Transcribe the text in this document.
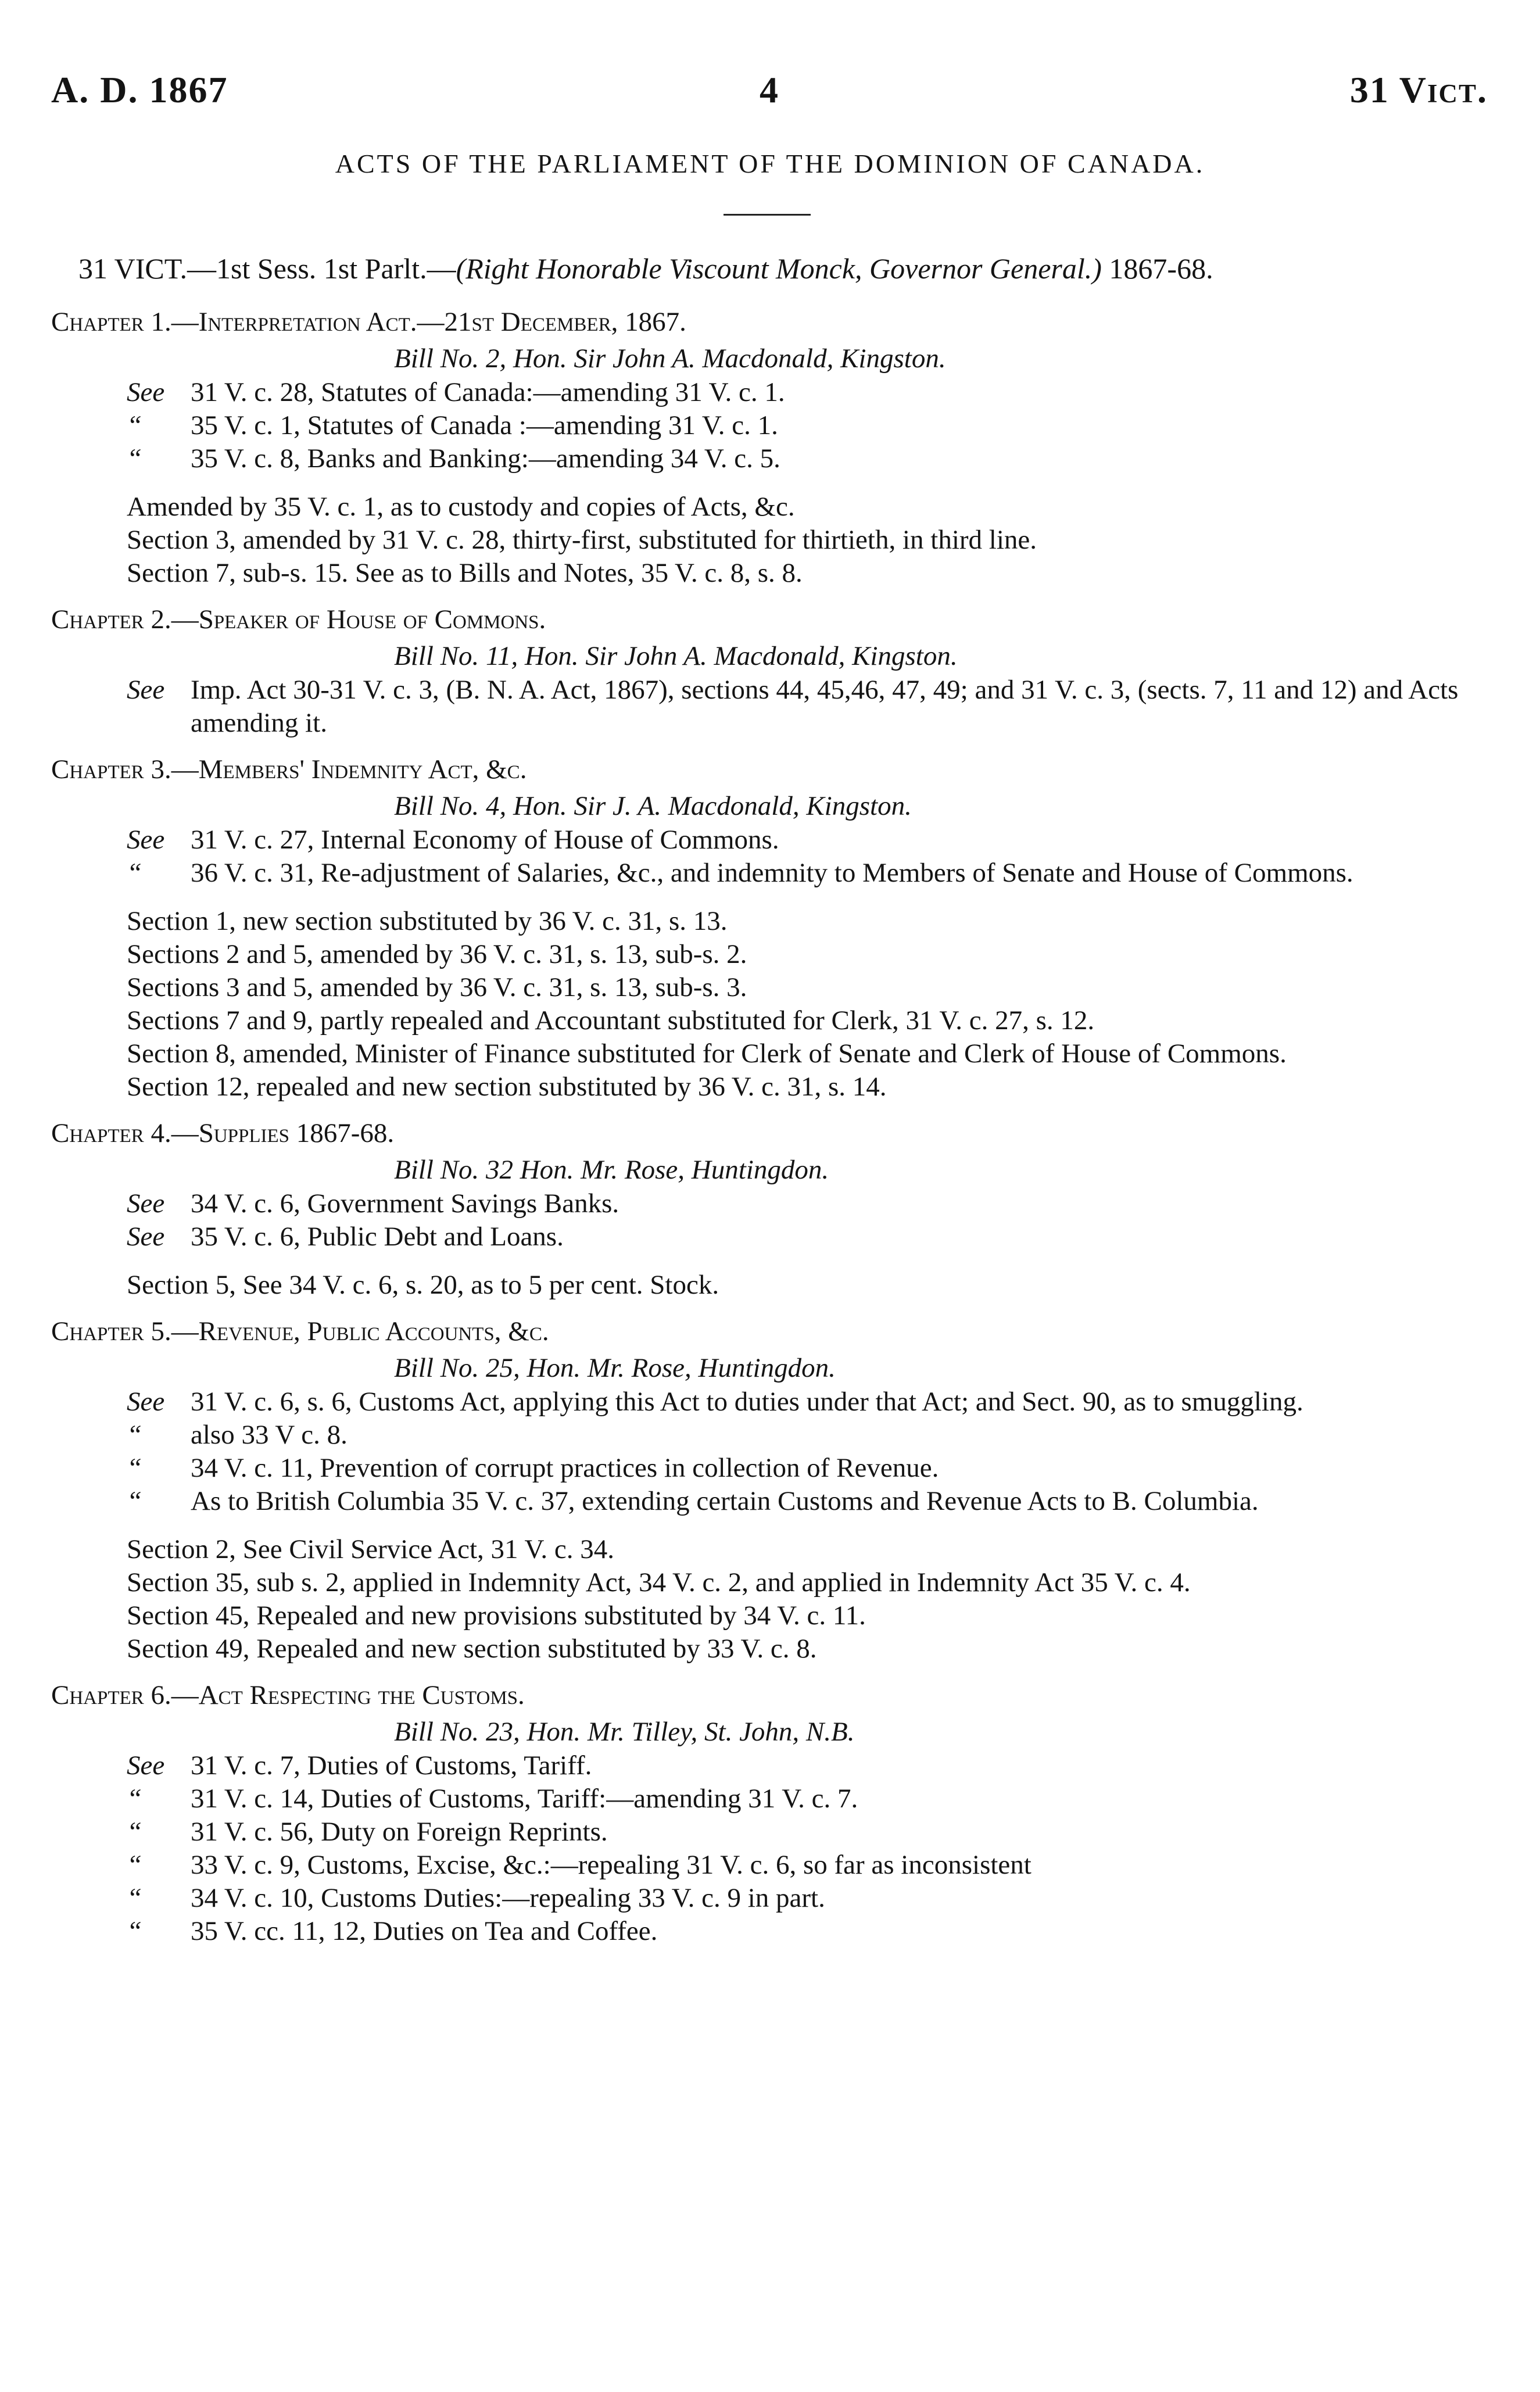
A. D. 1867	4	31 Vict.
ACTS OF THE PARLIAMENT OF THE DOMINION OF CANADA.
31 VICT.—1st Sess. 1st Parlt.—(Right Honorable Viscount Monck, Governor General.) 1867-68.
Chapter 1.—Interpretation Act.—21st December, 1867.
Bill No. 2, Hon. Sir John A. Macdonald, Kingston.
See 31 V. c. 28, Statutes of Canada:—amending 31 V. c. 1.
“ 35 V. c. 1, Statutes of Canada :—amending 31 V. c. 1.
“ 35 V. c. 8, Banks and Banking:—amending 34 V. c. 5.
Amended by 35 V. c. 1, as to custody and copies of Acts, &c.
Section 3, amended by 31 V. c. 28, thirty-first, substituted for thirtieth, in third line.
Section 7, sub-s. 15. See as to Bills and Notes, 35 V. c. 8, s. 8.
Chapter 2.—Speaker of House of Commons.
Bill No. 11, Hon. Sir John A. Macdonald, Kingston.
See Imp. Act 30-31 V. c. 3, (B. N. A. Act, 1867), sections 44, 45,46, 47, 49; and 31 V. c. 3, (sects. 7, 11 and 12) and Acts amending it.
Chapter 3.—Members' Indemnity Act, &c.
Bill No. 4, Hon. Sir J. A. Macdonald, Kingston.
See 31 V. c. 27, Internal Economy of House of Commons.
“ 36 V. c. 31, Re-adjustment of Salaries, &c., and indemnity to Members of Senate and House of Commons.
Section 1, new section substituted by 36 V. c. 31, s. 13.
Sections 2 and 5, amended by 36 V. c. 31, s. 13, sub-s. 2.
Sections 3 and 5, amended by 36 V. c. 31, s. 13, sub-s. 3.
Sections 7 and 9, partly repealed and Accountant substituted for Clerk, 31 V. c. 27, s. 12.
Section 8, amended, Minister of Finance substituted for Clerk of Senate and Clerk of House of Commons.
Section 12, repealed and new section substituted by 36 V. c. 31, s. 14.
Chapter 4.—Supplies 1867-68.
Bill No. 32 Hon. Mr. Rose, Huntingdon.
See 34 V. c. 6, Government Savings Banks.
See 35 V. c. 6, Public Debt and Loans.
Section 5, See 34 V. c. 6, s. 20, as to 5 per cent. Stock.
Chapter 5.—Revenue, Public Accounts, &c.
Bill No. 25, Hon. Mr. Rose, Huntingdon.
See 31 V. c. 6, s. 6, Customs Act, applying this Act to duties under that Act; and Sect. 90, as to smuggling.
“ also 33 V c. 8.
“ 34 V. c. 11, Prevention of corrupt practices in collection of Revenue.
“ As to British Columbia 35 V. c. 37, extending certain Customs and Revenue Acts to B. Columbia.
Section 2, See Civil Service Act, 31 V. c. 34.
Section 35, sub s. 2, applied in Indemnity Act, 34 V. c. 2, and applied in Indemnity Act 35 V. c. 4.
Section 45, Repealed and new provisions substituted by 34 V. c. 11.
Section 49, Repealed and new section substituted by 33 V. c. 8.
Chapter 6.—Act Respecting the Customs.
Bill No. 23, Hon. Mr. Tilley, St. John, N.B.
See 31 V. c. 7, Duties of Customs, Tariff.
“ 31 V. c. 14, Duties of Customs, Tariff:—amending 31 V. c. 7.
“ 31 V. c. 56, Duty on Foreign Reprints.
“ 33 V. c. 9, Customs, Excise, &c.:—repealing 31 V. c. 6, so far as inconsistent
“ 34 V. c. 10, Customs Duties:—repealing 33 V. c. 9 in part.
“ 35 V. cc. 11, 12, Duties on Tea and Coffee.
